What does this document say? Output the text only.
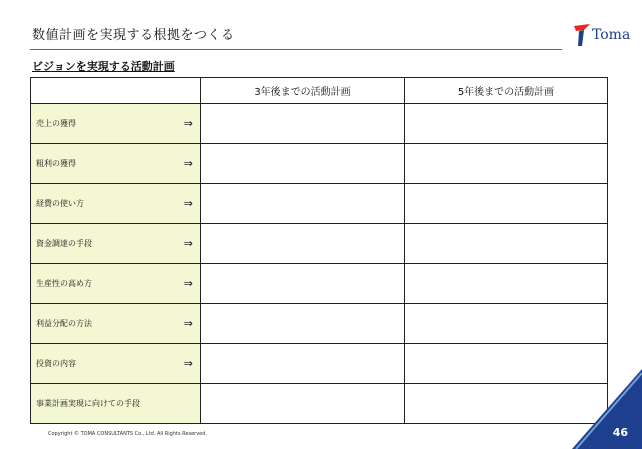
数値計画を実現する根拠をつくる	Toma
ビジョンを実現する活動計画
		3年後までの活動計画	5年後までの活動計画
売上の獲得	⇒		
粗利の獲得	⇒		
経費の使い方	⇒		
資金調達の手段	⇒		
生産性の高め方	⇒		
利益分配の方法	⇒		
投資の内容	⇒		
事業計画実現に向けての手段			
Copyright © TOMA CONSULTANTS Co., Ltd. All Rights Reserved.	46
